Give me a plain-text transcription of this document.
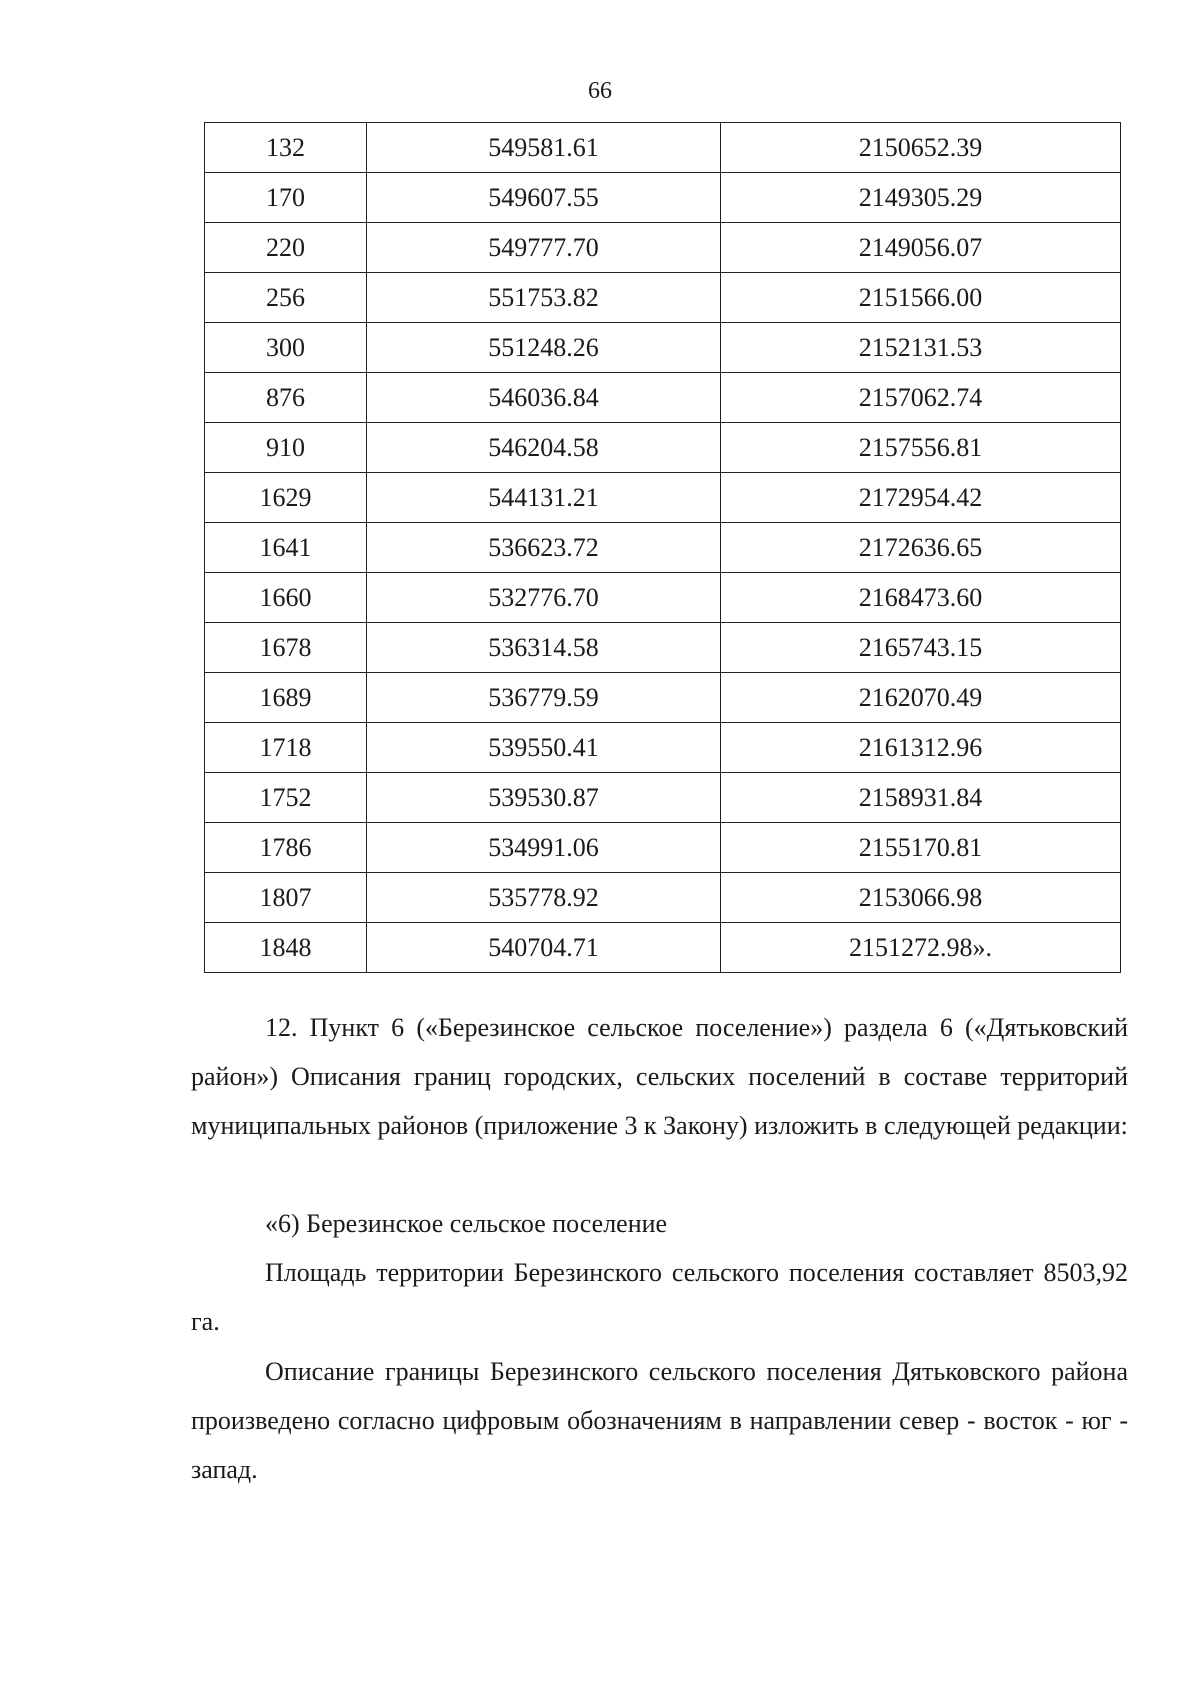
66
132	549581.61	2150652.39
170	549607.55	2149305.29
220	549777.70	2149056.07
256	551753.82	2151566.00
300	551248.26	2152131.53
876	546036.84	2157062.74
910	546204.58	2157556.81
1629	544131.21	2172954.42
1641	536623.72	2172636.65
1660	532776.70	2168473.60
1678	536314.58	2165743.15
1689	536779.59	2162070.49
1718	539550.41	2161312.96
1752	539530.87	2158931.84
1786	534991.06	2155170.81
1807	535778.92	2153066.98
1848	540704.71	2151272.98».

12. Пункт 6 («Березинское сельское поселение») раздела 6 («Дятьковский район») Описания границ городских, сельских поселений в составе территорий муниципальных районов (приложение 3 к Закону) изложить в следующей редакции:

«6) Березинское сельское поселение

Площадь территории Березинского сельского поселения составляет 8503,92 га.

Описание границы Березинского сельского поселения Дятьковского района произведено согласно цифровым обозначениям в направлении север - восток - юг - запад.
